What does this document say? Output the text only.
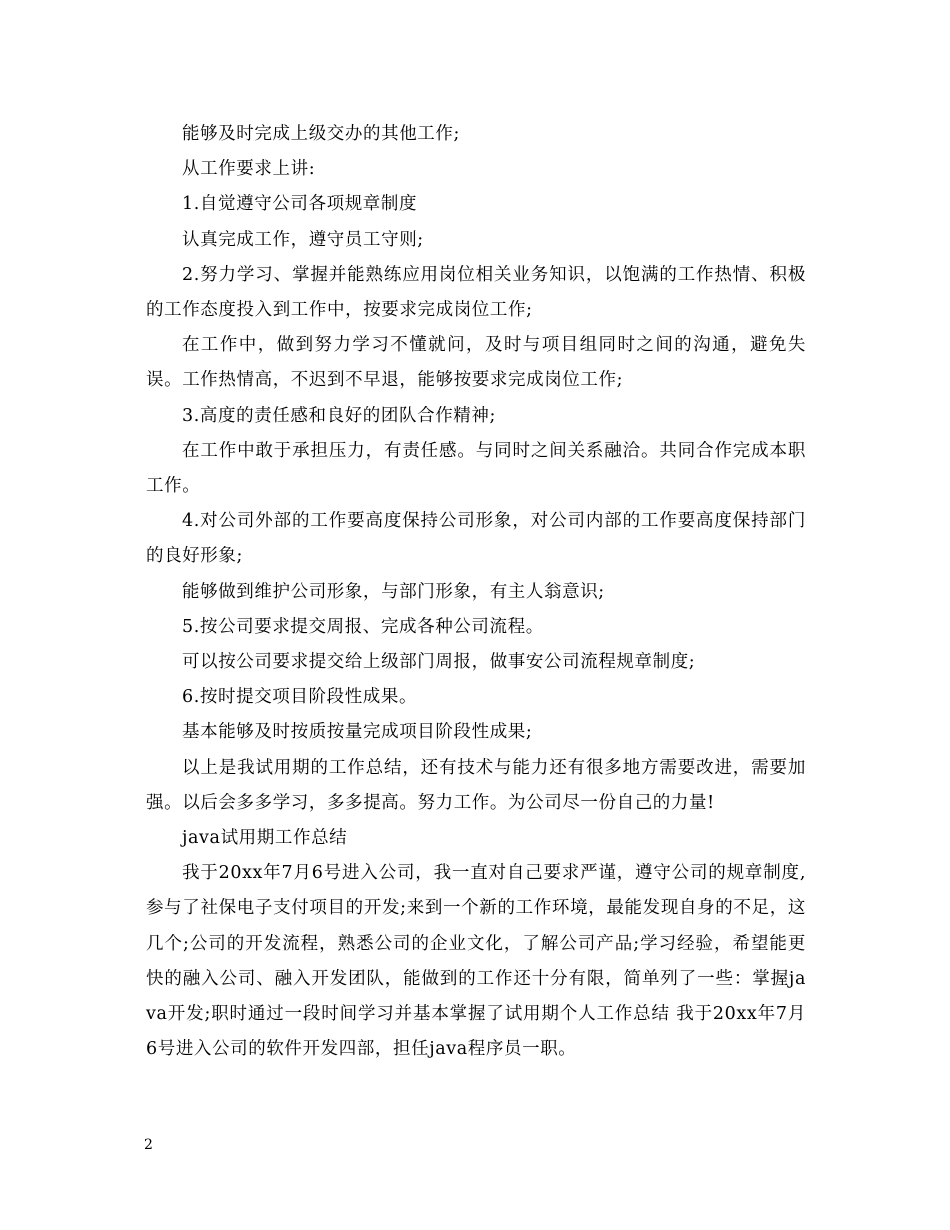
能够及时完成上级交办的其他工作;

从工作要求上讲:

1.自觉遵守公司各项规章制度

认真完成工作，遵守员工守则;

2.努力学习、掌握并能熟练应用岗位相关业务知识，以饱满的工作热情、积极的工作态度投入到工作中，按要求完成岗位工作;

在工作中，做到努力学习不懂就问，及时与项目组同时之间的沟通，避免失误。工作热情高，不迟到不早退，能够按要求完成岗位工作;

3.高度的责任感和良好的团队合作精神;

在工作中敢于承担压力，有责任感。与同时之间关系融洽。共同合作完成本职工作。

4.对公司外部的工作要高度保持公司形象，对公司内部的工作要高度保持部门的良好形象;

能够做到维护公司形象，与部门形象，有主人翁意识;

5.按公司要求提交周报、完成各种公司流程。

可以按公司要求提交给上级部门周报，做事安公司流程规章制度;

6.按时提交项目阶段性成果。

基本能够及时按质按量完成项目阶段性成果;

以上是我试用期的工作总结，还有技术与能力还有很多地方需要改进，需要加强。以后会多多学习，多多提高。努力工作。为公司尽一份自己的力量!

java试用期工作总结

我于20xx年7月6号进入公司，我一直对自己要求严谨，遵守公司的规章制度,参与了社保电子支付项目的开发;来到一个新的工作环境，最能发现自身的不足，这几个;公司的开发流程，熟悉公司的企业文化，了解公司产品;学习经验，希望能更快的融入公司、融入开发团队，能做到的工作还十分有限，简单列了一些：掌握java开发;职时通过一段时间学习并基本掌握了试用期个人工作总结 我于20xx年7月6号进入公司的软件开发四部，担任java程序员一职。

2
